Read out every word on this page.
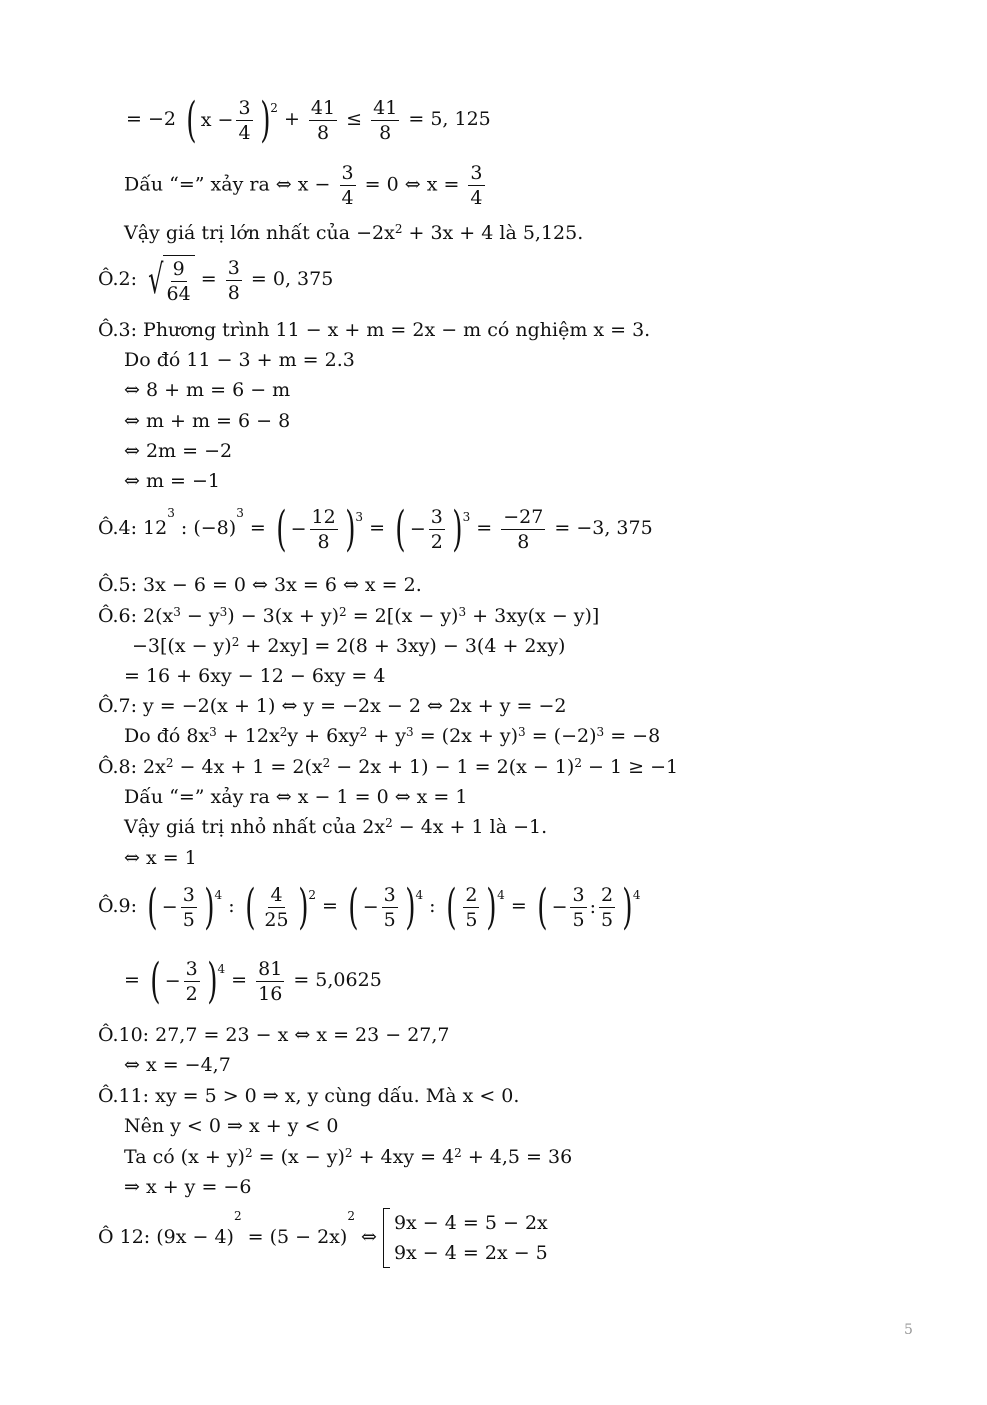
= −2 ( $x - \frac{3}{4}$ ) $2 + \frac{41}{8} \le \frac{41}{8} = 5$, 125
Dấu “=” xảy ra ⇔ $x - \frac{3}{4} = 0$ ⇔ $x = \frac{3}{4}$
Vậy giá trị lớn nhất của $-2x^2 + 3x + 4$ là 5,125.
Ô.2: √ 9
64
= $\frac{3}{8} = 0$, 375
Ô.3: Phương trình 11 − x + m = 2x − m có nghiệm x = 3.
Do đó 11 − 3 + m = 2.3
⇔ 8 + m = 6 − m
⇔ m + m = 6 − 8
⇔ 2m = −2
⇔ m = −1
Ô.4: $12^3$ : $(-8)^3$ = ( − $\frac{12}{8}$ ) 3 = ( − $\frac{3}{2}$ ) $3 = \frac{-27}{8} = -3$, 375
Ô.5: 3x − 6 = 0 ⇔ 3x = 6 ⇔ x = 2.
Ô.6: $2(x^3 - y^3) - 3(x + y)^2 = 2[(x - y)^3 + 3xy(x - y)]$
$-3[(x - y)^2 + 2xy] = 2(8 + 3xy) - 3(4 + 2xy)$
= 16 + 6xy − 12 − 6xy = 4
Ô.7: y = −2(x + 1) ⇔ y = −2x − 2 ⇔ 2x + y = −2
Do đó $8x^3 + 12x^2y + 6xy^2 + y^3 = (2x + y)^3 = (-2)^3 = -8$
Ô.8: $2x^2 - 4x + 1 = 2(x^2 - 2x + 1) - 1 = 2(x - 1)^2 - 1 \ge -1$
Dấu “=” xảy ra ⇔ x − 1 = 0 ⇔ x = 1
Vậy giá trị nhỏ nhất của $2x^2 - 4x + 1$ là −1.
⇔ x = 1
Ô.9: ( − $\frac{3}{5}$ ) 4 : ( 4
25 ) 2 = ( − $\frac{3}{5}$ ) 4 : ( 2
5 ) 4 = ( − $\frac{3}{5}$ :
2
5 ) 4
= ( − $\frac{3}{2}$ ) $4 = \frac{81}{16} = 5,0625$
Ô.10: 27,7 = 23 − x ⇔ x = 23 − 27,7
⇔ x = −4,7
Ô.11: xy = 5 > 0 ⇒ x, y cùng dấu. Mà x < 0.
Nên y < 0 ⇒ x + y < 0
Ta có $(x + y)^2 = (x - y)^2 + 4xy = 4^2 + 4,5 = 36$
⇒ x + y = −6
Ô 12: $(9x - 4)^2 = (5 - 2x)^2$ ⇔
9x − 4 = 5 − 2x
9x − 4 = 2x − 5
5
